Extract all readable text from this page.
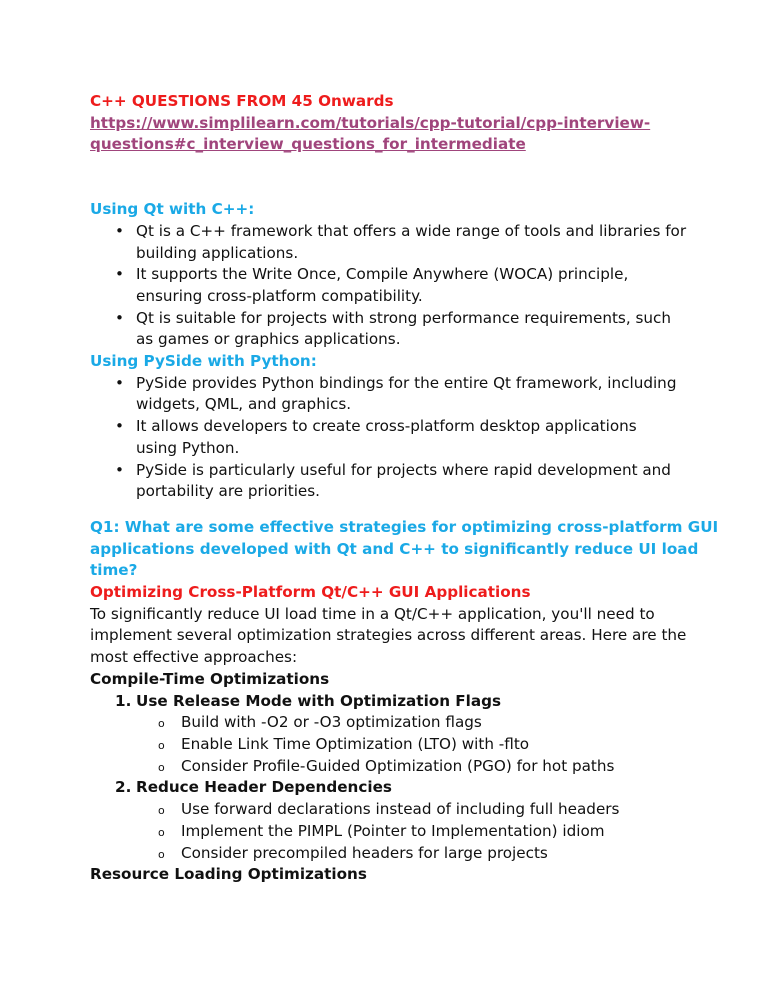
C++ QUESTIONS FROM 45 Onwards
https://www.simplilearn.com/tutorials/cpp-tutorial/cpp-interview-
questions#c_interview_questions_for_intermediate
Using Qt with C++:
• Qt is a C++ framework that offers a wide range of tools and libraries for
building applications.
• It supports the Write Once, Compile Anywhere (WOCA) principle,
ensuring cross-platform compatibility.
• Qt is suitable for projects with strong performance requirements, such
as games or graphics applications.
Using PySide with Python:
• PySide provides Python bindings for the entire Qt framework, including
widgets, QML, and graphics.
• It allows developers to create cross-platform desktop applications
using Python.
• PySide is particularly useful for projects where rapid development and
portability are priorities.
Q1: What are some effective strategies for optimizing cross-platform GUI
applications developed with Qt and C++ to significantly reduce UI load
time?
Optimizing Cross-Platform Qt/C++ GUI Applications
To significantly reduce UI load time in a Qt/C++ application, you'll need to
implement several optimization strategies across different areas. Here are the
most effective approaches:
Compile-Time Optimizations
1. Use Release Mode with Optimization Flags
o Build with -O2 or -O3 optimization flags
o Enable Link Time Optimization (LTO) with -flto
o Consider Profile-Guided Optimization (PGO) for hot paths
2. Reduce Header Dependencies
o Use forward declarations instead of including full headers
o Implement the PIMPL (Pointer to Implementation) idiom
o Consider precompiled headers for large projects
Resource Loading Optimizations
